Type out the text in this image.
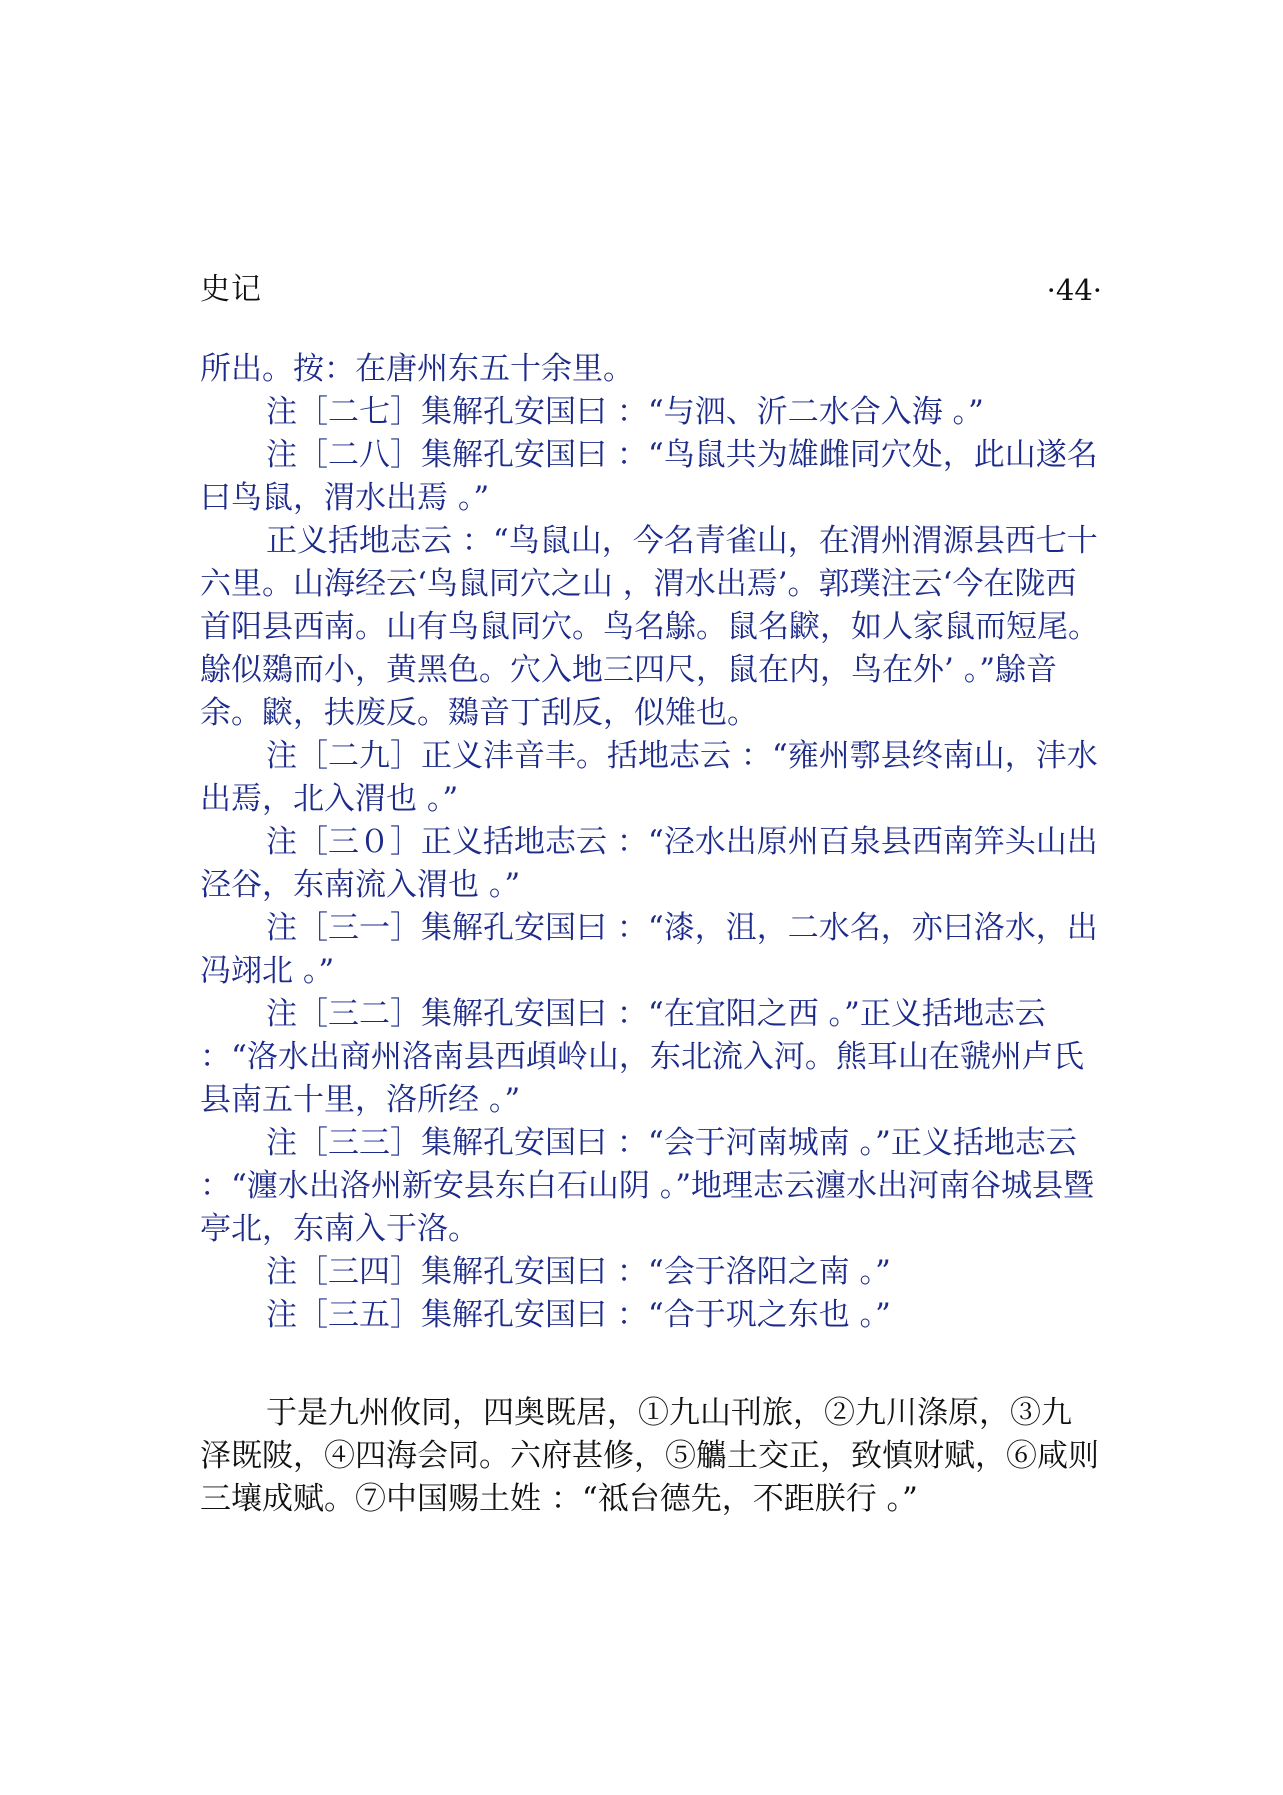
史记	·44·

所出。按：在唐州东五十余里。

注［二七］集解孔安国曰 ：“与泗、沂二水合入海 。”

注［二八］集解孔安国曰 ：“鸟鼠共为雄雌同穴处，此山遂名曰鸟鼠，渭水出焉 。”

正义括地志云 ：“鸟鼠山，今名青雀山，在渭州渭源县西七十六里。山海经云‘鸟鼠同穴之山 ，渭水出焉’。郭璞注云‘今在陇西首阳县西南。山有鸟鼠同穴。鸟名鵌。鼠名鼵，如人家鼠而短尾。鵌似鵽而小，黄黑色。穴入地三四尺，鼠在内，鸟在外’ 。”鵌音余。鼵，扶废反。鵽音丁刮反，似雉也。

注［二九］正义沣音丰。括地志云 ：“雍州鄠县终南山，沣水出焉，北入渭也 。”

注［三０］正义括地志云 ：“泾水出原州百泉县西南笄头山出泾谷，东南流入渭也 。”

注［三一］集解孔安国曰 ：“漆，沮，二水名，亦曰洛水，出冯翊北 。”

注［三二］集解孔安国曰 ：“在宜阳之西 。”正义括地志云 ：“洛水出商州洛南县西頉岭山，东北流入河。熊耳山在虢州卢氏县南五十里，洛所经 。”

注［三三］集解孔安国曰 ：“会于河南城南 。”正义括地志云 ：“瀍水出洛州新安县东白石山阴 。”地理志云瀍水出河南谷城县暨亭北，东南入于洛。

注［三四］集解孔安国曰 ：“会于洛阳之南 。”

注［三五］集解孔安国曰 ：“合于巩之东也 。”

于是九州攸同，四奥既居，①九山刊旅，②九川涤原，③九泽既陂，④四海会同。六府甚修，⑤觿土交正，致慎财赋，⑥咸则三壤成赋。⑦中国赐土姓 ：“祗台德先，不距朕行 。”
